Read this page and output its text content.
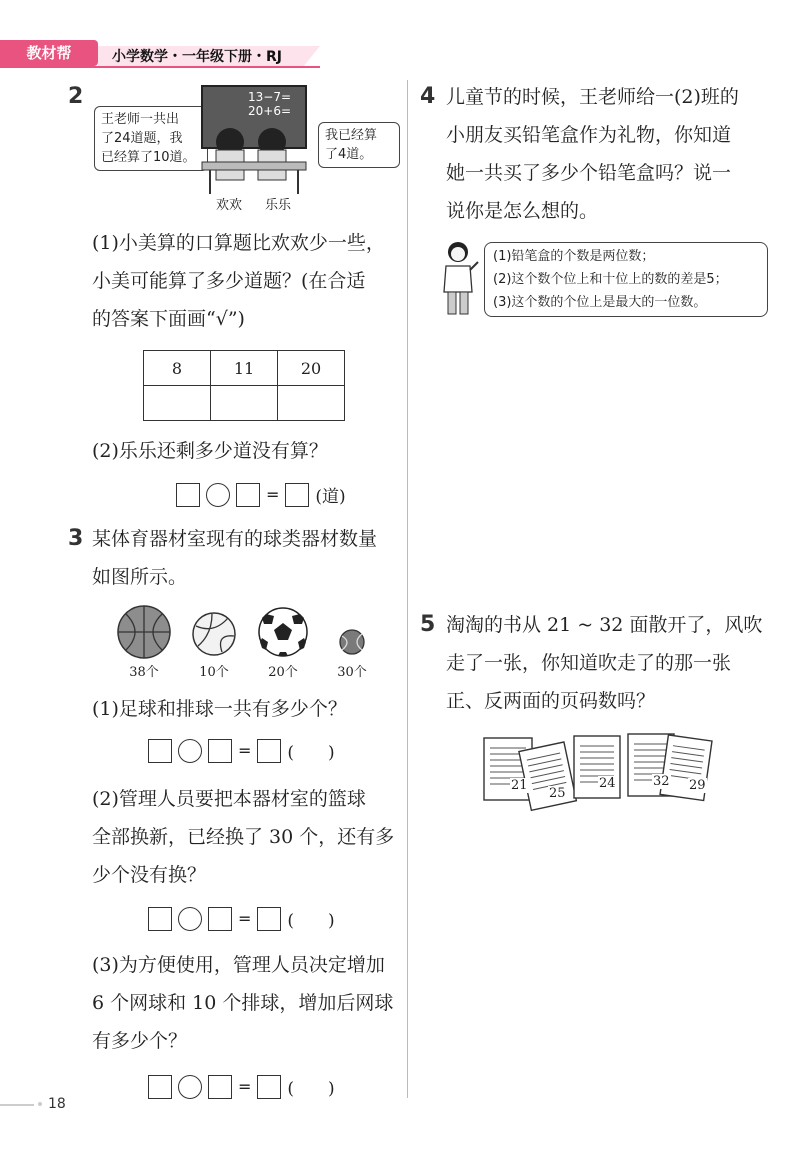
教材帮	小学数学・一年级下册・RJ
2
王老师一共出
了24道题，我
已经算了10道。
13−7=
20+6=
我已经算
了4道。
欢欢 乐乐
(1)小美算的口算题比欢欢少一些，
小美可能算了多少道题？(在合适
的答案下面画“√”)
8	11	20

(2)乐乐还剩多少道没有算？
= (道)
3 某体育器材室现有的球类器材数量
如图所示。
38个	10个	20个	30个
(1)足球和排球一共有多少个？
= (　　)
(2)管理人员要把本器材室的篮球
全部换新，已经换了 30 个，还有多
少个没有换？
= (　　)
(3)为方便使用，管理人员决定增加
6 个网球和 10 个排球，增加后网球
有多少个？
= (　　)
4 儿童节的时候，王老师给一(2)班的
小朋友买铅笔盒作为礼物，你知道
她一共买了多少个铅笔盒吗？说一
说你是怎么想的。
(1)铅笔盒的个数是两位数；
(2)这个数个位上和十位上的数的差是5；
(3)这个数的个位上是最大的一位数。
5 淘淘的书从 21 ~ 32 面散开了，风吹
走了一张，你知道吹走了的那一张
正、反两面的页码数吗？
21
25
24	32 29
18
